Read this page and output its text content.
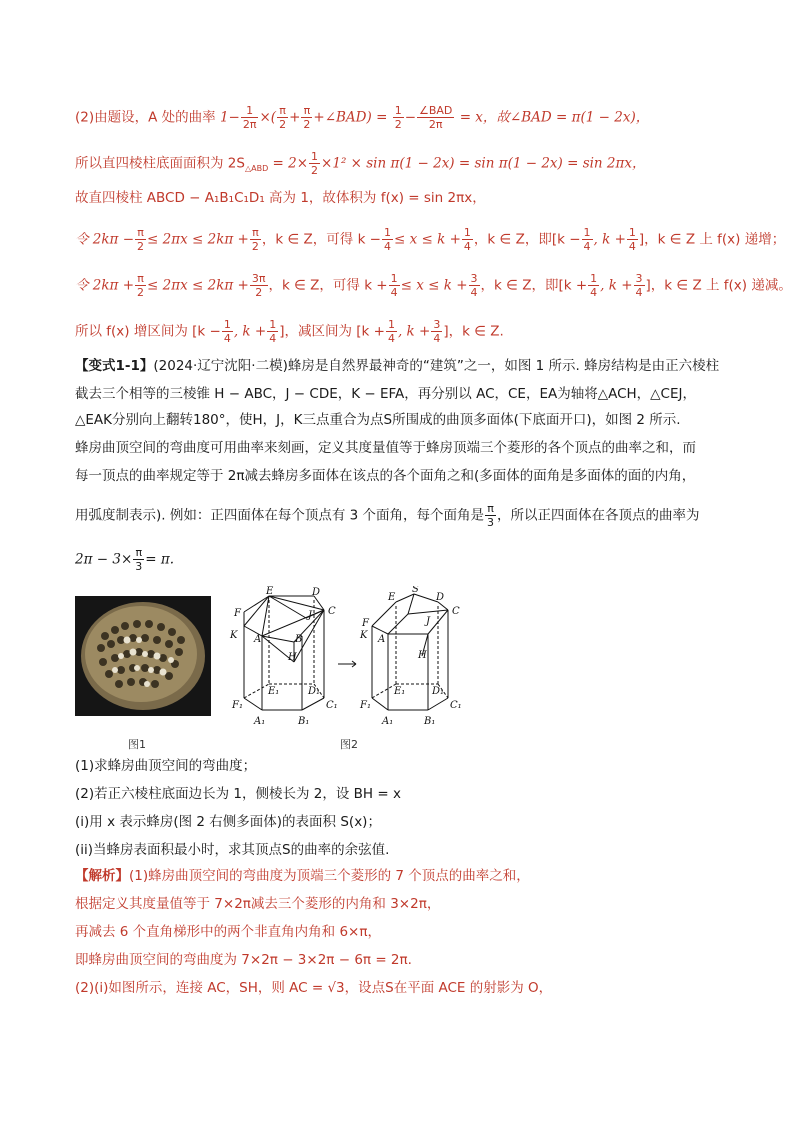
(2)由题设，A 处的曲率 $1- \frac{1}{2\pi}$ ×( $\frac{\pi}{2} + \frac{\pi}{2}$ +∠BAD) = $\frac{1}{2} - \frac{\text{∠BAD}}{2\pi} = x$，故∠BAD = π(1 − 2x)，
所以直四棱柱底面面积为 $2S_{\triangle ABD} = 2\times \frac{1}{2} \times 1^2 \times \sin \pi(1 - 2x) = \sin \pi(1 - 2x) = \sin 2\pi x$，
故直四棱柱 ABCD − A₁B₁C₁D₁ 高为 1，故体积为 f(x) = sin 2πx，
令 $2k\pi - \frac{\pi}{2} \le 2\pi x \le 2k\pi + \frac{\pi}{2}$ ，k ∈ Z，可得 $k - \frac{1}{4} \le x \le k + \frac{1}{4}$ ，k ∈ Z，即[$k - \frac{1}{4}$ , $k + \frac{1}{4}$ ]，k ∈ Z 上 f(x) 递增；
令 $2k\pi + \frac{\pi}{2} \le 2\pi x \le 2k\pi + \frac{3\pi}{2}$ ，k ∈ Z，可得 $k + \frac{1}{4} \le x \le k + \frac{3}{4}$ ，k ∈ Z，即[$k + \frac{1}{4}$ , $k + \frac{3}{4}$ ]，k ∈ Z 上 f(x) 递减。
所以 f(x) 增区间为 [$k - \frac{1}{4}$ , $k + \frac{1}{4}$ ]，减区间为 [$k + \frac{1}{4}$ , $k + \frac{3}{4}$ ]，k ∈ Z.
【变式1-1】(2024·辽宁沈阳·二模)蜂房是自然界最神奇的“建筑”之一，如图 1 所示. 蜂房结构是由正六棱柱
截去三个相等的三棱锥 H − ABC，J − CDE，K − EFA，再分别以 AC，CE，EA为轴将△ACH，△CEJ，
△EAK分别向上翻转180°，使H，J，K三点重合为点S所围成的曲顶多面体(下底面开口)，如图 2 所示.
蜂房曲顶空间的弯曲度可用曲率来刻画，定义其度量值等于蜂房顶端三个菱形的各个顶点的曲率之和，而
每一顶点的曲率规定等于 2π减去蜂房多面体在该点的各个面角之和(多面体的面角是多面体的面的内角，
用弧度制表示). 例如：正四面体在每个顶点有 3 个面角，每个面角是 $\frac{\pi}{3}$ ，所以正四面体在各顶点的曲率为
$2\pi - 3\times \frac{\pi}{3} = \pi$.
图1
E	D
F	J C
K A	B
H
E₁	D₁
F₁	C₁
A₁	B₁
S
E	D
F	J
C
K A
H
E₁	D₁
F₁	C₁
A₁	B₁
图2
(1)求蜂房曲顶空间的弯曲度；
(2)若正六棱柱底面边长为 1，侧棱长为 2，设 BH = x
(i)用 x 表示蜂房(图 2 右侧多面体)的表面积 S(x)；
(ii)当蜂房表面积最小时，求其顶点S的曲率的余弦值.
【解析】(1)蜂房曲顶空间的弯曲度为顶端三个菱形的 7 个顶点的曲率之和，
根据定义其度量值等于 7×2π减去三个菱形的内角和 3×2π，
再减去 6 个直角梯形中的两个非直角内角和 6×π，
即蜂房曲顶空间的弯曲度为 7×2π − 3×2π − 6π = 2π.
(2)(i)如图所示，连接 AC，SH，则 AC = √3，设点S在平面 ACE 的射影为 O，
